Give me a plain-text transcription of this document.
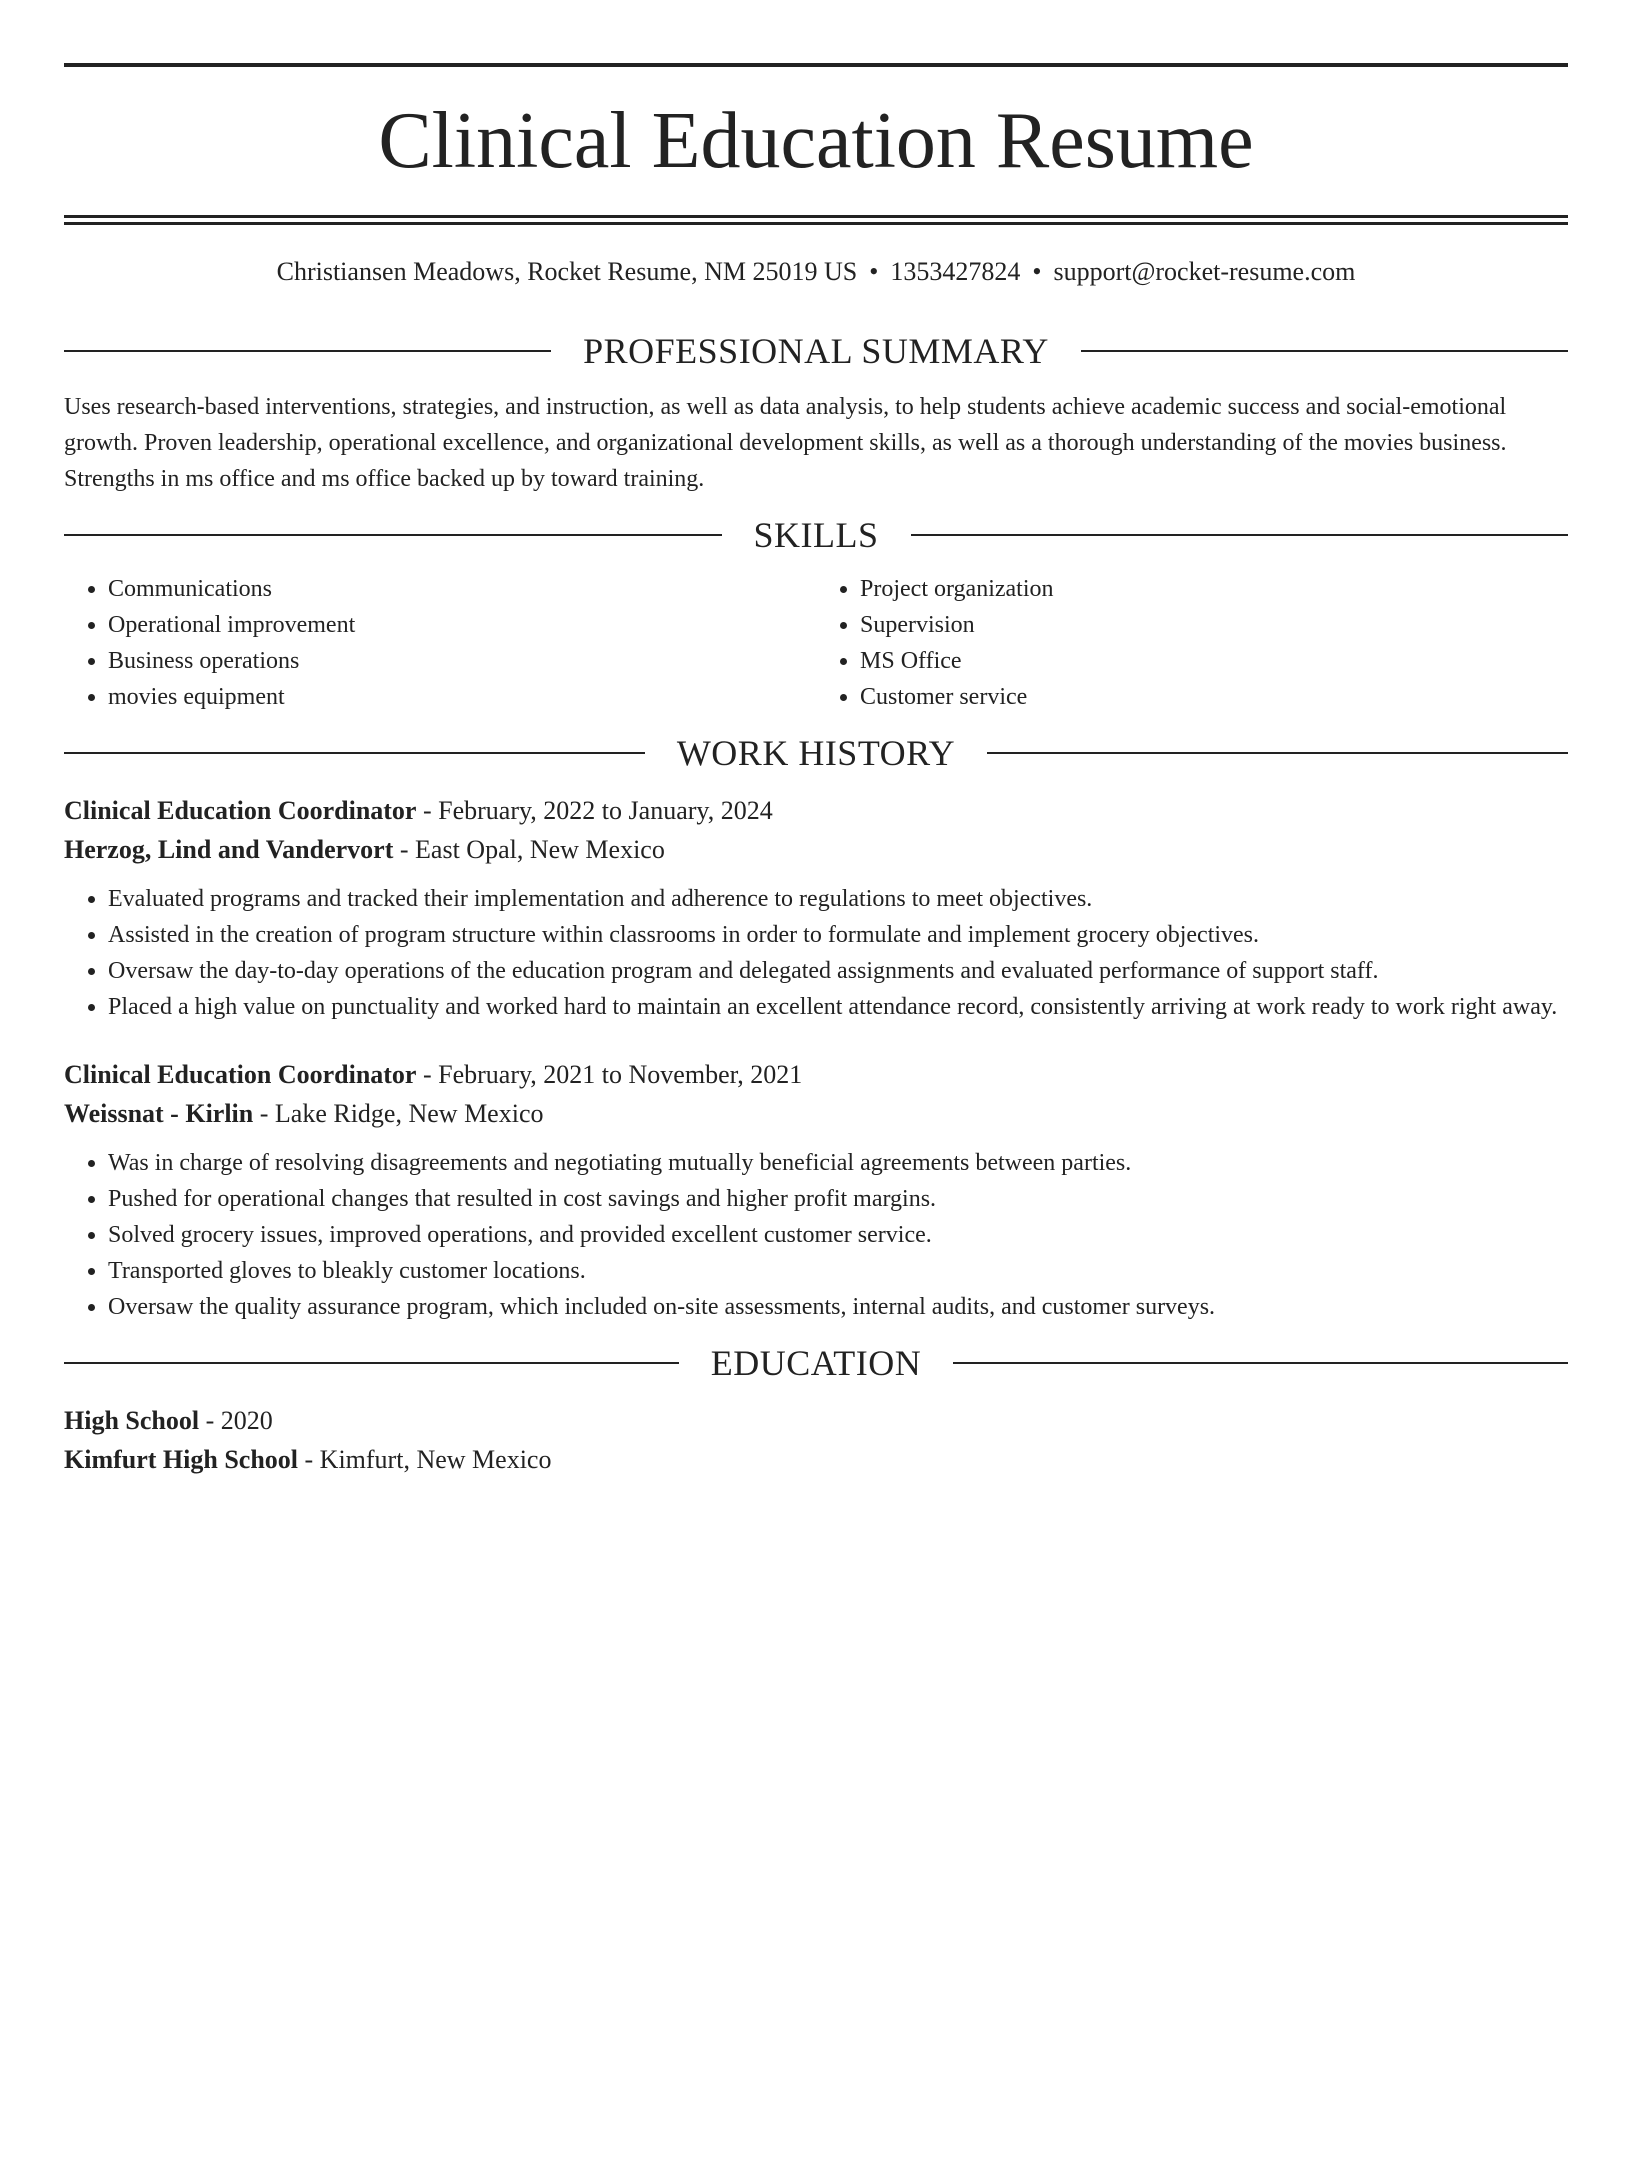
Clinical Education Resume
Christiansen Meadows, Rocket Resume, NM 25019 US • 1353427824 • support@rocket-resume.com
PROFESSIONAL SUMMARY

Uses research-based interventions, strategies, and instruction, as well as data analysis, to help students achieve academic success and social-emotional growth. Proven leadership, operational excellence, and organizational development skills, as well as a thorough understanding of the movies business. Strengths in ms office and ms office backed up by toward training.

SKILLS
• Communications
• Operational improvement
• Business operations
• movies equipment
• Project organization
• Supervision
• MS Office
• Customer service
WORK HISTORY
Clinical Education Coordinator - February, 2022 to January, 2024
Herzog, Lind and Vandervort - East Opal, New Mexico
• Evaluated programs and tracked their implementation and adherence to regulations to meet objectives.
• Assisted in the creation of program structure within classrooms in order to formulate and implement grocery objectives.
• Oversaw the day-to-day operations of the education program and delegated assignments and evaluated performance of support staff.
• Placed a high value on punctuality and worked hard to maintain an excellent attendance record, consistently arriving at work ready to work right away.
Clinical Education Coordinator - February, 2021 to November, 2021
Weissnat - Kirlin - Lake Ridge, New Mexico
• Was in charge of resolving disagreements and negotiating mutually beneficial agreements between parties.
• Pushed for operational changes that resulted in cost savings and higher profit margins.
• Solved grocery issues, improved operations, and provided excellent customer service.
• Transported gloves to bleakly customer locations.
• Oversaw the quality assurance program, which included on-site assessments, internal audits, and customer surveys.
EDUCATION
High School - 2020
Kimfurt High School - Kimfurt, New Mexico
